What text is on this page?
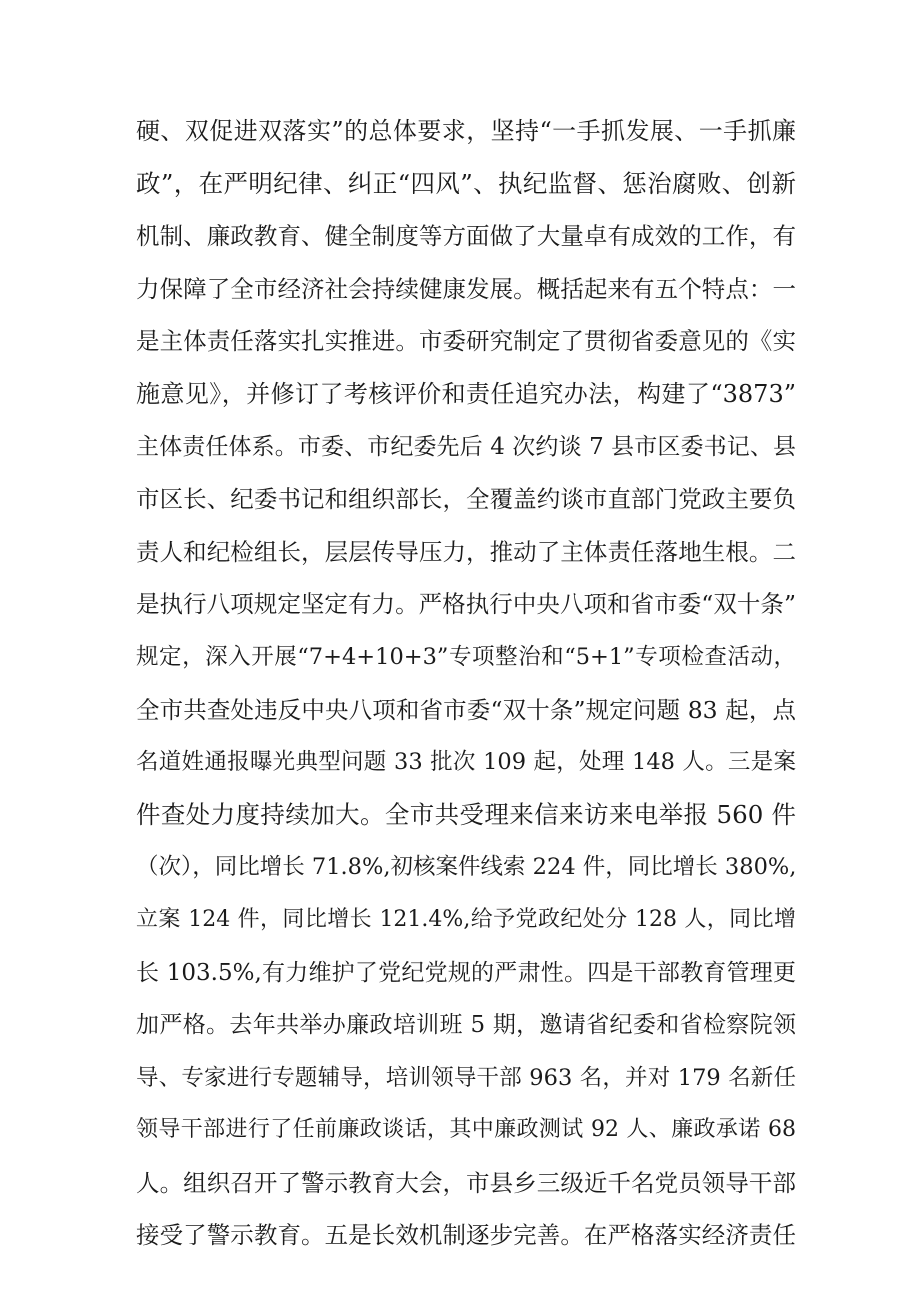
硬、双促进双落实”的总体要求，坚持“一手抓发展、一手抓廉
政”，在严明纪律、纠正“四风”、执纪监督、惩治腐败、创新
机制、廉政教育、健全制度等方面做了大量卓有成效的工作，有
力保障了全市经济社会持续健康发展。概括起来有五个特点：一
是主体责任落实扎实推进。市委研究制定了贯彻省委意见的《实
施意见》，并修订了考核评价和责任追究办法，构建了“3873”
主体责任体系。市委、市纪委先后 4 次约谈 7 县市区委书记、县
市区长、纪委书记和组织部长，全覆盖约谈市直部门党政主要负
责人和纪检组长，层层传导压力，推动了主体责任落地生根。二
是执行八项规定坚定有力。严格执行中央八项和省市委“双十条”
规定，深入开展“7+4+10+3”专项整治和“5+1”专项检查活动，
全市共查处违反中央八项和省市委“双十条”规定问题 83 起，点
名道姓通报曝光典型问题 33 批次 109 起，处理 148 人。三是案
件查处力度持续加大。全市共受理来信来访来电举报 560 件
（次），同比增长 71.8%,初核案件线索 224 件，同比增长 380%,
立案 124 件，同比增长 121.4%,给予党政纪处分 128 人，同比增
长 103.5%,有力维护了党纪党规的严肃性。四是干部教育管理更
加严格。去年共举办廉政培训班 5 期，邀请省纪委和省检察院领
导、专家进行专题辅导，培训领导干部 963 名，并对 179 名新任
领导干部进行了任前廉政谈话，其中廉政测试 92 人、廉政承诺 68
人。组织召开了警示教育大会，市县乡三级近千名党员领导干部
接受了警示教育。五是长效机制逐步完善。在严格落实经济责任
